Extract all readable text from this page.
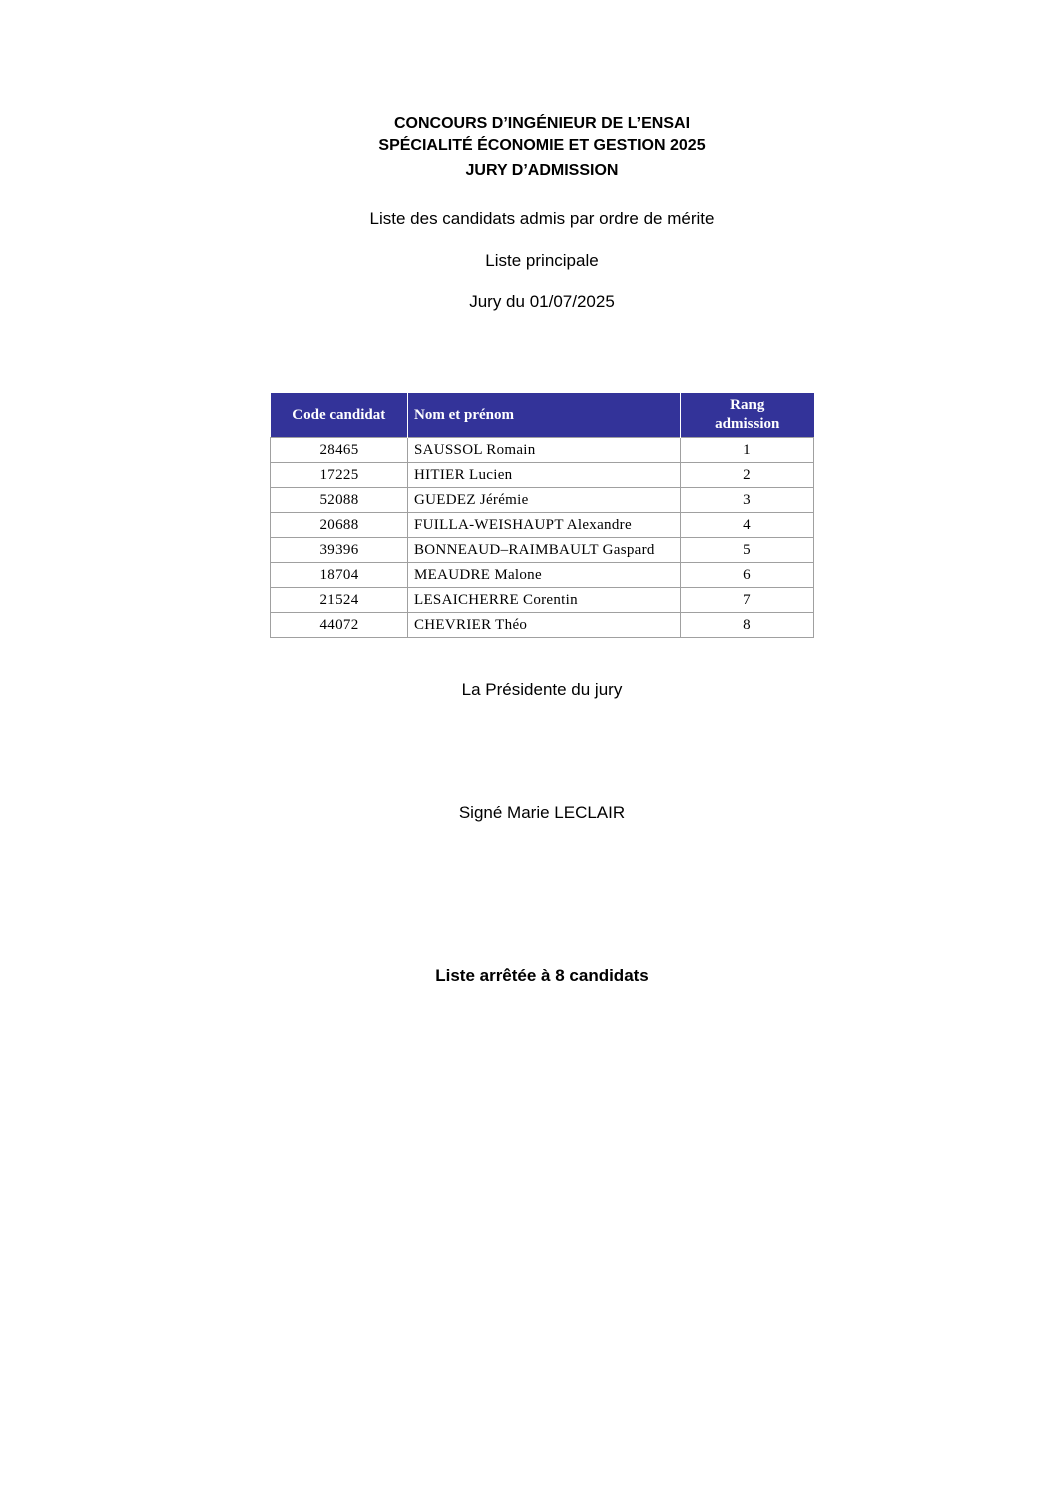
CONCOURS D’INGÉNIEUR DE L’ENSAI
SPÉCIALITÉ ÉCONOMIE ET GESTION 2025
JURY D’ADMISSION
Liste des candidats admis par ordre de mérite
Liste principale
Jury du 01/07/2025
Code candidat	Nom et prénom	Rang
admission
28465	SAUSSOL Romain	1
17225	HITIER Lucien	2
52088	GUEDEZ Jérémie	3
20688	FUILLA-WEISHAUPT Alexandre	4
39396	BONNEAUD–RAIMBAULT Gaspard	5
18704	MEAUDRE Malone	6
21524	LESAICHERRE Corentin	7
44072	CHEVRIER Théo	8
La Présidente du jury
Signé Marie LECLAIR
Liste arrêtée à 8 candidats
